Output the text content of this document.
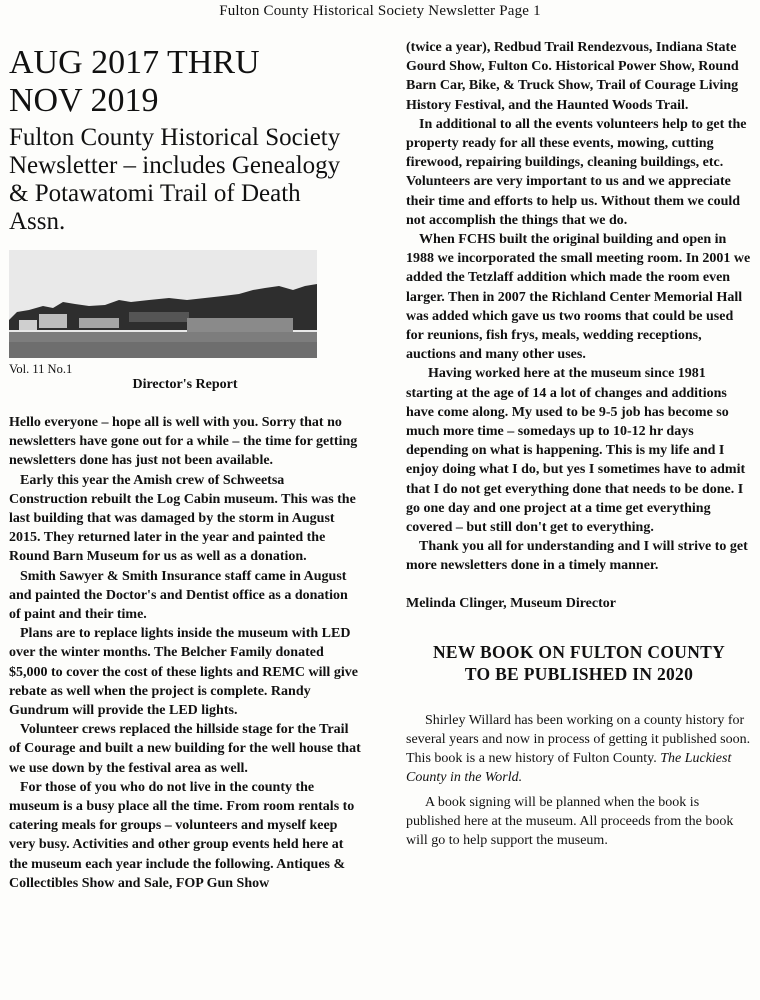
Fulton County Historical Society Newsletter Page 1
AUG 2017 THRU
NOV 2019
Fulton County Historical Society Newsletter – includes Genealogy & Potawatomi Trail of Death Assn.
Vol. 11 No.1
Director's Report

Hello everyone – hope all is well with you. Sorry that no newsletters have gone out for a while – the time for getting newsletters done has just not been available.

Early this year the Amish crew of Schweetsa Construction rebuilt the Log Cabin museum. This was the last building that was damaged by the storm in August 2015. They returned later in the year and painted the Round Barn Museum for us as well as a donation.

Smith Sawyer & Smith Insurance staff came in August and painted the Doctor's and Dentist office as a donation of paint and their time.

Plans are to replace lights inside the museum with LED over the winter months. The Belcher Family donated $5,000 to cover the cost of these lights and REMC will give rebate as well when the project is complete. Randy Gundrum will provide the LED lights.

Volunteer crews replaced the hillside stage for the Trail of Courage and built a new building for the well house that we use down by the festival area as well.

For those of you who do not live in the county the museum is a busy place all the time. From room rentals to catering meals for groups – volunteers and myself keep very busy. Activities and other group events held here at the museum each year include the following. Antiques & Collectibles Show and Sale, FOP Gun Show

(twice a year), Redbud Trail Rendezvous, Indiana State Gourd Show, Fulton Co. Historical Power Show, Round Barn Car, Bike, & Truck Show, Trail of Courage Living History Festival, and the Haunted Woods Trail.

In additional to all the events volunteers help to get the property ready for all these events, mowing, cutting firewood, repairing buildings, cleaning buildings, etc. Volunteers are very important to us and we appreciate their time and efforts to help us. Without them we could not accomplish the things that we do.

When FCHS built the original building and open in 1988 we incorporated the small meeting room. In 2001 we added the Tetzlaff addition which made the room even larger. Then in 2007 the Richland Center Memorial Hall was added which gave us two rooms that could be used for reunions, fish frys, meals, wedding receptions, auctions and many other uses.

Having worked here at the museum since 1981 starting at the age of 14 a lot of changes and additions have come along. My used to be 9-5 job has become so much more time – somedays up to 10-12 hr days depending on what is happening. This is my life and I enjoy doing what I do, but yes I sometimes have to admit that I do not get everything done that needs to be done. I go one day and one project at a time get everything covered – but still don't get to everything.

Thank you all for understanding and I will strive to get more newsletters done in a timely manner.

Melinda Clinger, Museum Director

NEW BOOK ON FULTON COUNTY
TO BE PUBLISHED IN 2020

Shirley Willard has been working on a county history for several years and now in process of getting it published soon. This book is a new history of Fulton County. The Luckiest County in the World.

A book signing will be planned when the book is published here at the museum. All proceeds from the book will go to help support the museum.
